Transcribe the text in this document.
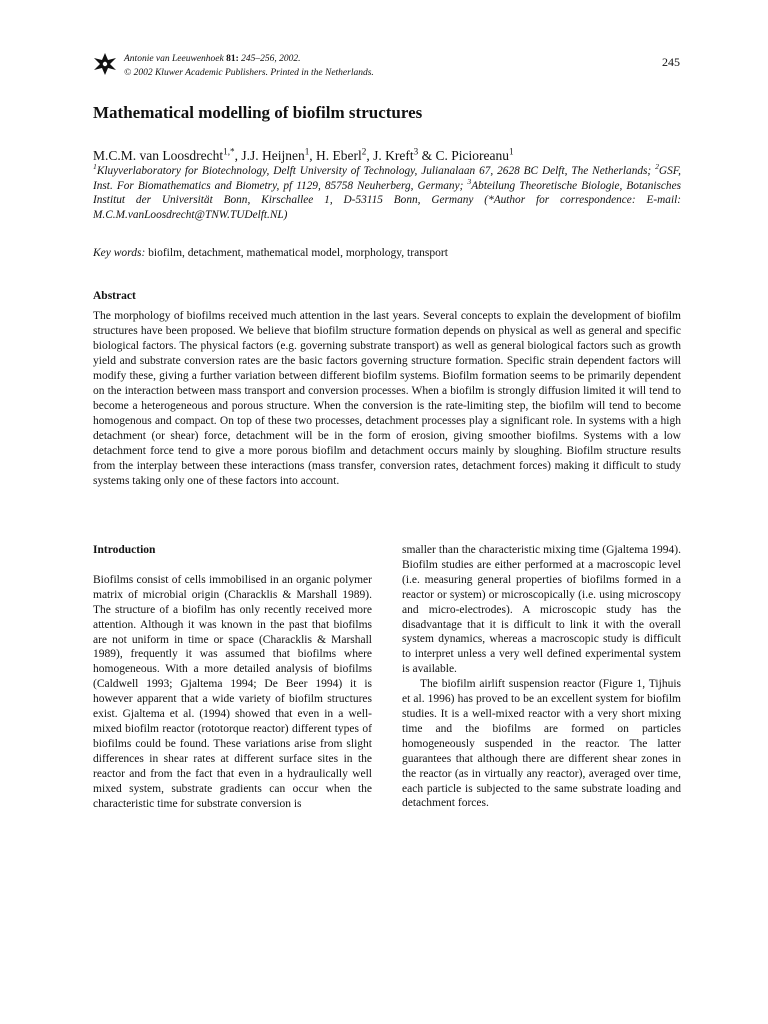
Antonie van Leeuwenhoek 81: 245–256, 2002.
© 2002 Kluwer Academic Publishers. Printed in the Netherlands.
245
Mathematical modelling of biofilm structures
M.C.M. van Loosdrecht$^{1,*}$, J.J. Heijnen$^1$, H. Eberl$^2$, J. Kreft$^3$ & C. Picioreanu$^1$
$^1$Kluyverlaboratory for Biotechnology, Delft University of Technology, Julianalaan 67, 2628 BC Delft, The Netherlands; $^2$GSF, Inst. For Biomathematics and Biometry, pf 1129, 85758 Neuherberg, Germany; $^3$Abteilung Theoretische Biologie, Botanisches Institut der Universität Bonn, Kirschallee 1, D-53115 Bonn, Germany (*Author for correspondence: E-mail: M.C.M.vanLoosdrecht@TNW.TUDelft.NL)
Key words: biofilm, detachment, mathematical model, morphology, transport
Abstract
The morphology of biofilms received much attention in the last years. Several concepts to explain the development of biofilm structures have been proposed. We believe that biofilm structure formation depends on physical as well as general and specific biological factors. The physical factors (e.g. governing substrate transport) as well as general biological factors such as growth yield and substrate conversion rates are the basic factors governing structure formation. Specific strain dependent factors will modify these, giving a further variation between different biofilm systems. Biofilm formation seems to be primarily dependent on the interaction between mass transport and conversion processes. When a biofilm is strongly diffusion limited it will tend to become a heterogeneous and porous structure. When the conversion is the rate-limiting step, the biofilm will tend to become homogenous and compact. On top of these two processes, detachment processes play a significant role. In systems with a high detachment (or shear) force, detachment will be in the form of erosion, giving smoother biofilms. Systems with a low detachment force tend to give a more porous biofilm and detachment occurs mainly by sloughing. Biofilm structure results from the interplay between these interactions (mass transfer, conversion rates, detachment forces) making it difficult to study systems taking only one of these factors into account.
Introduction

Biofilms consist of cells immobilised in an organic polymer matrix of microbial origin (Characklis & Marshall 1989). The structure of a biofilm has only recently received more attention. Although it was known in the past that biofilms are not uniform in time or space (Characklis & Marshall 1989), frequently it was assumed that biofilms where homogeneous. With a more detailed analysis of biofilms (Caldwell 1993; Gjaltema 1994; De Beer 1994) it is however apparent that a wide variety of biofilm structures exist. Gjaltema et al. (1994) showed that even in a well-mixed biofilm reactor (rototorque reactor) different types of biofilms could be found. These variations arise from slight differences in shear rates at different surface sites in the reactor and from the fact that even in a hydraulically well mixed system, substrate gradients can occur when the characteristic time for substrate conversion is

smaller than the characteristic mixing time (Gjaltema 1994). Biofilm studies are either performed at a macroscopic level (i.e. measuring general properties of biofilms formed in a reactor or system) or microscopically (i.e. using microscopy and micro-electrodes). A microscopic study has the disadvantage that it is difficult to link it with the overall system dynamics, whereas a macroscopic study is difficult to interpret unless a very well defined experimental system is available.

The biofilm airlift suspension reactor (Figure 1, Tijhuis et al. 1996) has proved to be an excellent system for biofilm studies. It is a well-mixed reactor with a very short mixing time and the biofilms are formed on particles homogeneously suspended in the reactor. The latter guarantees that although there are different shear zones in the reactor (as in virtually any reactor), averaged over time, each particle is subjected to the same substrate loading and detachment forces.
